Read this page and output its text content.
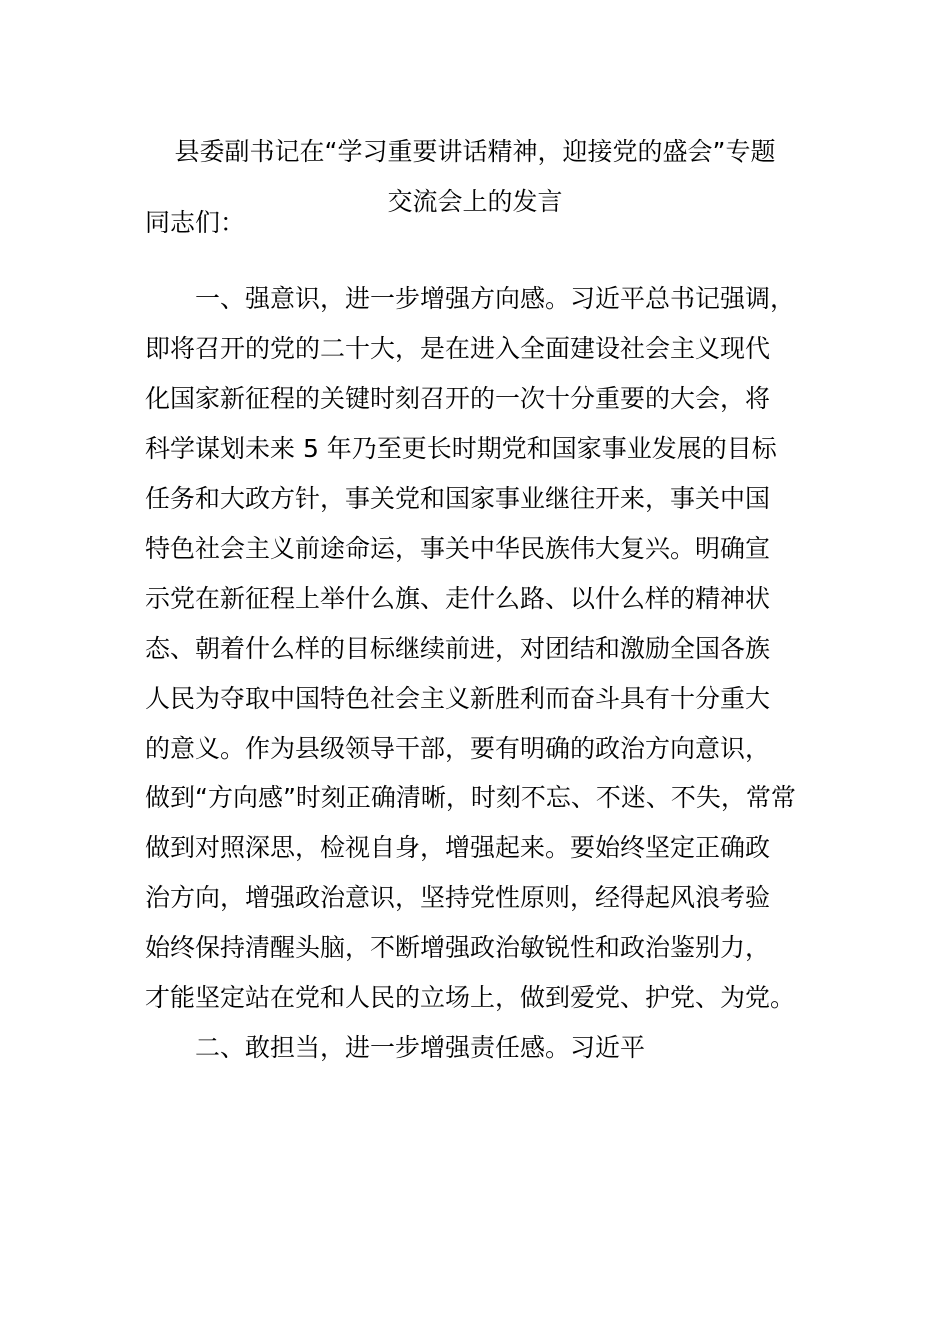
县委副书记在“学习重要讲话精神，迎接党的盛会”专题
交流会上的发言
同志们：
　　一、强意识，进一步增强方向感。习近平总书记强调，
即将召开的党的二十大，是在进入全面建设社会主义现代
化国家新征程的关键时刻召开的一次十分重要的大会，将
科学谋划未来 5 年乃至更长时期党和国家事业发展的目标
任务和大政方针，事关党和国家事业继往开来，事关中国
特色社会主义前途命运，事关中华民族伟大复兴。明确宣
示党在新征程上举什么旗、走什么路、以什么样的精神状
态、朝着什么样的目标继续前进，对团结和激励全国各族
人民为夺取中国特色社会主义新胜利而奋斗具有十分重大
的意义。作为县级领导干部，要有明确的政治方向意识，
做到“方向感”时刻正确清晰，时刻不忘、不迷、不失，常常
做到对照深思，检视自身，增强起来。要始终坚定正确政
治方向，增强政治意识，坚持党性原则，经得起风浪考验
始终保持清醒头脑，不断增强政治敏锐性和政治鉴别力，
才能坚定站在党和人民的立场上，做到爱党、护党、为党。
　　二、敢担当，进一步增强责任感。习近平
